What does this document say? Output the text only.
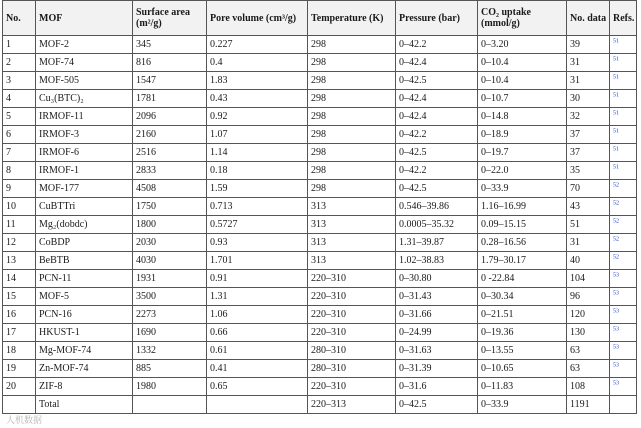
No.	MOF	Surface area (m²/g)	Pore volume (cm³/g)	Temperature (K)	Pressure (bar)	CO₂ uptake (mmol/g)	No. data	Refs.
1	MOF-2	345	0.227	298	0–42.2	0–3.20	39	$^{51}$
2	MOF-74	816	0.4	298	0–42.4	0–10.4	31	$^{51}$
3	MOF-505	1547	1.83	298	0–42.5	0–10.4	31	$^{51}$
4	Cu₃(BTC)₂	1781	0.43	298	0–42.4	0–10.7	30	$^{51}$
5	IRMOF-11	2096	0.92	298	0–42.4	0–14.8	32	$^{51}$
6	IRMOF-3	2160	1.07	298	0–42.2	0–18.9	37	$^{51}$
7	IRMOF-6	2516	1.14	298	0–42.5	0–19.7	37	$^{51}$
8	IRMOF-1	2833	0.18	298	0–42.2	0–22.0	35	$^{51}$
9	MOF-177	4508	1.59	298	0–42.5	0–33.9	70	$^{52}$
10	CuBTTri	1750	0.713	313	0.546–39.86	1.16–16.99	43	$^{52}$
11	Mg₂(dobdc)	1800	0.5727	313	0.0005–35.32	0.09–15.15	51	$^{52}$
12	CoBDP	2030	0.93	313	1.31–39.87	0.28–16.56	31	$^{52}$
13	BeBTB	4030	1.701	313	1.02–38.83	1.79–30.17	40	$^{52}$
14	PCN-11	1931	0.91	220–310	0–30.80	0 -22.84	104	$^{53}$
15	MOF-5	3500	1.31	220–310	0–31.43	0–30.34	96	$^{53}$
16	PCN-16	2273	1.06	220–310	0–31.66	0–21.51	120	$^{53}$
17	HKUST-1	1690	0.66	220–310	0–24.99	0–19.36	130	$^{53}$
18	Mg-MOF-74	1332	0.61	280–310	0–31.63	0–13.55	63	$^{53}$
19	Zn-MOF-74	885	0.41	280–310	0–31.39	0–10.65	63	$^{53}$
20	ZIF-8	1980	0.65	220–310	0–31.6	0–11.83	108	$^{53}$
	Total			220–313	0–42.5	0–33.9	1191	
人机数据
